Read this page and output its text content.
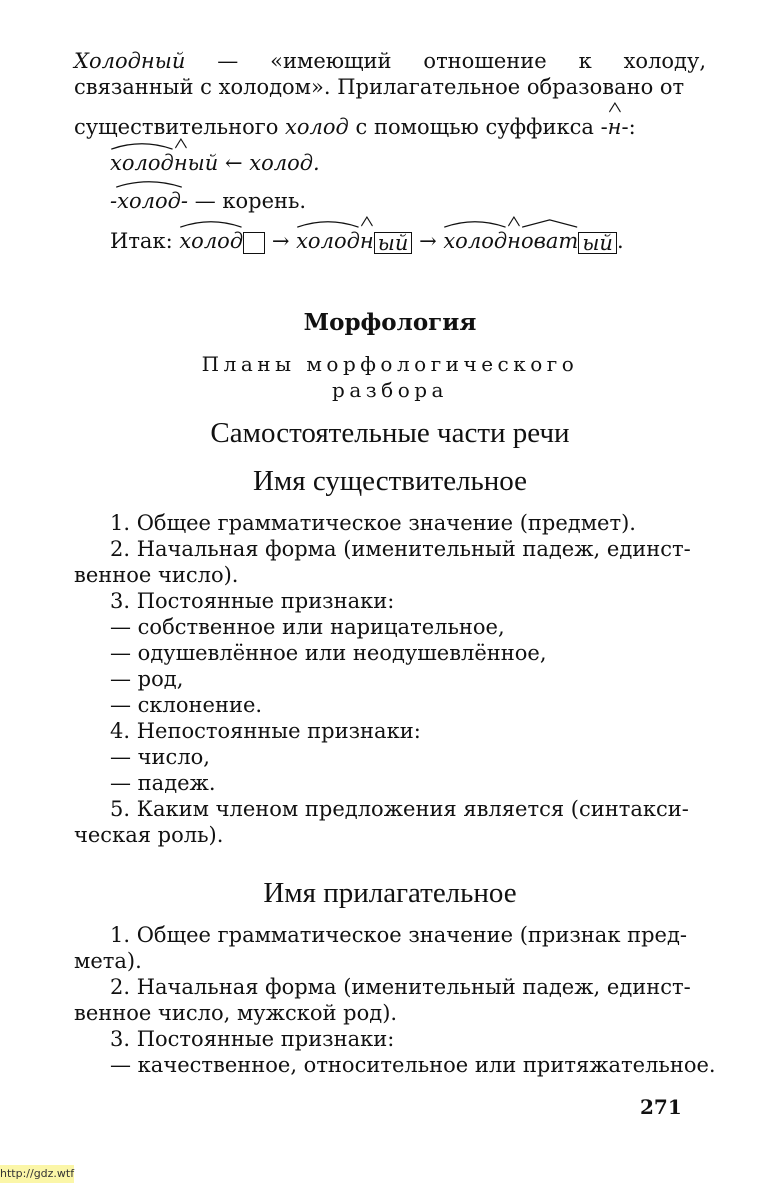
Холодный — «имеющий отношение к холоду,
связанный с холодом». Прилагательное образовано от
существительного холод с помощью суффикса -
н-:
холод
ный ← холод.
-холод- — корень.
Итак:
холод  →
холод
н ый →
холод
н
оват ый .
Морфология
Планы морфологического
разбора
Самостоятельные части речи
Имя существительное
1. Общее грамматическое значение (предмет).
2. Начальная форма (именительный падеж, единст-
венное число).
3. Постоянные признаки:
— собственное или нарицательное,
— одушевлённое или неодушевлённое,
— род,
— склонение.
4. Непостоянные признаки:
— число,
— падеж.
5. Каким членом предложения является (синтакси-
ческая роль).
Имя прилагательное
1. Общее грамматическое значение (признак пред-
мета).
2. Начальная форма (именительный падеж, единст-
венное число, мужской род).
3. Постоянные признаки:
— качественное, относительное или притяжательное.
271
http://gdz.wtf
